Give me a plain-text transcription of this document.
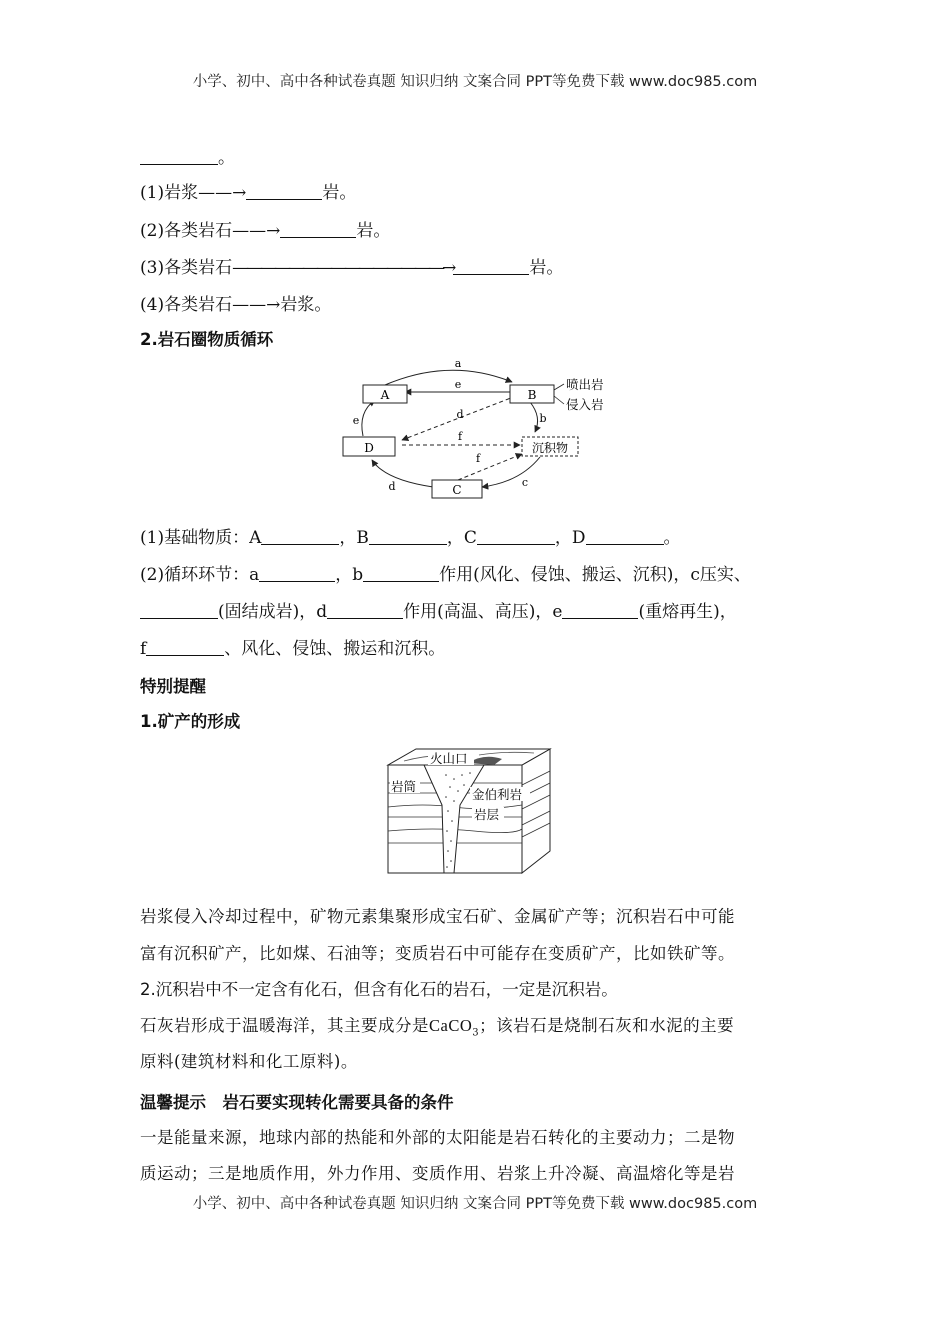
小学、初中、高中各种试卷真题 知识归纳 文案合同 PPT等免费下载 www.doc985.com
。
(1)岩浆——→	岩。
(2)各类岩石——→	岩。
(3)各类岩石———————————————→	岩。
(4)各类岩石——→岩浆。
2.岩石圈物质循环
A	B
C
D	沉积物
喷出岩
侵入岩
a
e
d
f
f
e	b
c
d
(1)基础物质：A	，B	，C	，D	。
(2)循环环节：a	，b	作用(风化、侵蚀、搬运、沉积)，c压实、
(固结成岩)，d	作用(高温、高压)，e	(重熔再生)，
f	、风化、侵蚀、搬运和沉积。
特别提醒
1.矿产的形成
火山口
岩筒
金伯利岩
岩层
岩浆侵入冷却过程中，矿物元素集聚形成宝石矿、金属矿产等；沉积岩石中可能
富有沉积矿产，比如煤、石油等；变质岩石中可能存在变质矿产，比如铁矿等。
2.沉积岩中不一定含有化石，但含有化石的岩石，一定是沉积岩。
石灰岩形成于温暖海洋，其主要成分是CaCO$_3$；该岩石是烧制石灰和水泥的主要
原料(建筑材料和化工原料)。
温馨提示　岩石要实现转化需要具备的条件
一是能量来源，地球内部的热能和外部的太阳能是岩石转化的主要动力；二是物
质运动；三是地质作用，外力作用、变质作用、岩浆上升冷凝、高温熔化等是岩
小学、初中、高中各种试卷真题 知识归纳 文案合同 PPT等免费下载 www.doc985.com
